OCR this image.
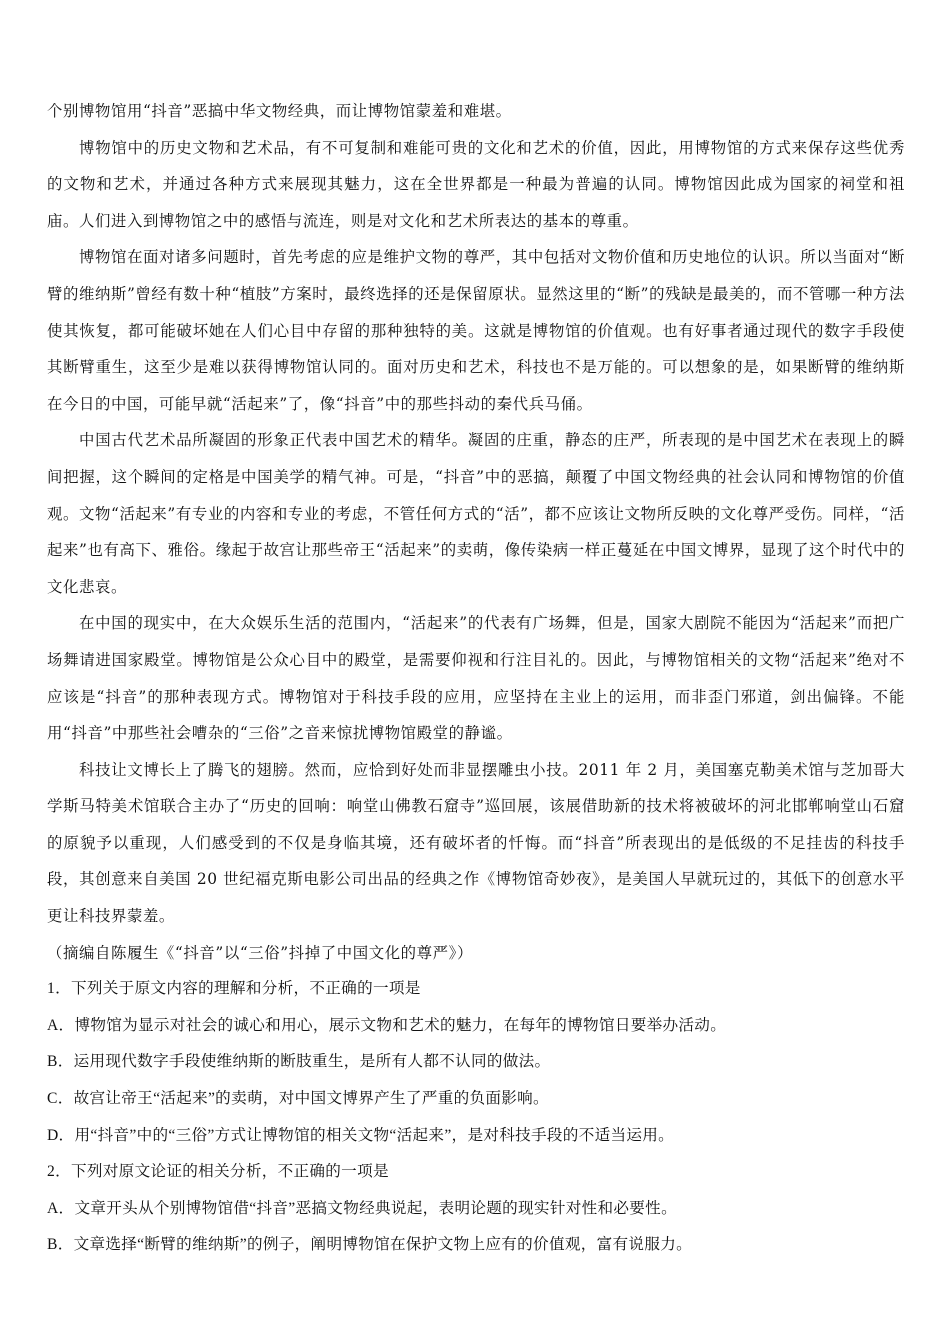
个别博物馆用“抖音”恶搞中华文物经典，而让博物馆蒙羞和难堪。

博物馆中的历史文物和艺术品，有不可复制和难能可贵的文化和艺术的价值，因此，用博物馆的方式来保存这些优秀的文物和艺术，并通过各种方式来展现其魅力，这在全世界都是一种最为普遍的认同。博物馆因此成为国家的祠堂和祖庙。人们进入到博物馆之中的感悟与流连，则是对文化和艺术所表达的基本的尊重。

博物馆在面对诸多问题时，首先考虑的应是维护文物的尊严，其中包括对文物价值和历史地位的认识。所以当面对“断臂的维纳斯”曾经有数十种“植肢”方案时，最终选择的还是保留原状。显然这里的“断”的残缺是最美的，而不管哪一种方法使其恢复，都可能破坏她在人们心目中存留的那种独特的美。这就是博物馆的价值观。也有好事者通过现代的数字手段使其断臂重生，这至少是难以获得博物馆认同的。面对历史和艺术，科技也不是万能的。可以想象的是，如果断臂的维纳斯在今日的中国，可能早就“活起来”了，像“抖音”中的那些抖动的秦代兵马俑。

中国古代艺术品所凝固的形象正代表中国艺术的精华。凝固的庄重，静态的庄严，所表现的是中国艺术在表现上的瞬间把握，这个瞬间的定格是中国美学的精气神。可是，“抖音”中的恶搞，颠覆了中国文物经典的社会认同和博物馆的价值观。文物“活起来”有专业的内容和专业的考虑，不管任何方式的“活”，都不应该让文物所反映的文化尊严受伤。同样，“活起来”也有高下、雅俗。缘起于故宫让那些帝王“活起来”的卖萌，像传染病一样正蔓延在中国文博界，显现了这个时代中的文化悲哀。

在中国的现实中，在大众娱乐生活的范围内，“活起来”的代表有广场舞，但是，国家大剧院不能因为“活起来”而把广场舞请进国家殿堂。博物馆是公众心目中的殿堂，是需要仰视和行注目礼的。因此，与博物馆相关的文物“活起来”绝对不应该是“抖音”的那种表现方式。博物馆对于科技手段的应用，应坚持在主业上的运用，而非歪门邪道，剑出偏锋。不能用“抖音”中那些社会嘈杂的“三俗”之音来惊扰博物馆殿堂的静谧。

科技让文博长上了腾飞的翅膀。然而，应恰到好处而非显摆雕虫小技。2011 年 2 月，美国塞克勒美术馆与芝加哥大学斯马特美术馆联合主办了“历史的回响：响堂山佛教石窟寺”巡回展，该展借助新的技术将被破坏的河北邯郸响堂山石窟的原貌予以重现，人们感受到的不仅是身临其境，还有破坏者的忏悔。而“抖音”所表现出的是低级的不足挂齿的科技手段，其创意来自美国 20 世纪福克斯电影公司出品的经典之作《博物馆奇妙夜》，是美国人早就玩过的，其低下的创意水平更让科技界蒙羞。

（摘编自陈履生《“抖音”以“三俗”抖掉了中国文化的尊严》）

1．下列关于原文内容的理解和分析，不正确的一项是

A．博物馆为显示对社会的诚心和用心，展示文物和艺术的魅力，在每年的博物馆日要举办活动。

B．运用现代数字手段使维纳斯的断肢重生，是所有人都不认同的做法。

C．故宫让帝王“活起来”的卖萌，对中国文博界产生了严重的负面影响。

D．用“抖音”中的“三俗”方式让博物馆的相关文物“活起来”，是对科技手段的不适当运用。

2．下列对原文论证的相关分析，不正确的一项是

A．文章开头从个别博物馆借“抖音”恶搞文物经典说起，表明论题的现实针对性和必要性。

B．文章选择“断臂的维纳斯”的例子，阐明博物馆在保护文物上应有的价值观，富有说服力。
